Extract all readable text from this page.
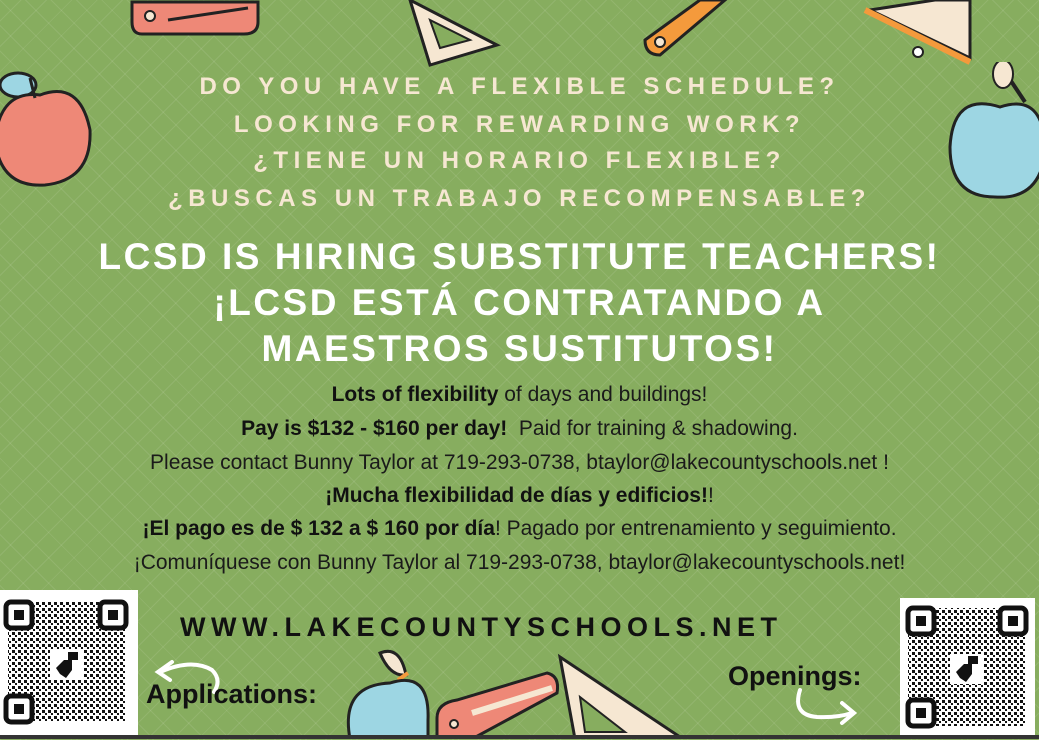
DO YOU HAVE A FLEXIBLE SCHEDULE?
LOOKING FOR REWARDING WORK?
¿TIENE UN HORARIO FLEXIBLE?
¿BUSCAS UN TRABAJO RECOMPENSABLE?
LCSD IS HIRING SUBSTITUTE TEACHERS!
¡LCSD ESTÁ CONTRATANDO A
MAESTROS SUSTITUTOS!
Lots of flexibility of days and buildings!
Pay is $132 - $160 per day!  Paid for training & shadowing.
Please contact Bunny Taylor at 719-293-0738, btaylor@lakecountyschools.net !
¡Mucha flexibilidad de días y edificios!!
¡El pago es de $ 132 a $ 160 por día! Pagado por entrenamiento y seguimiento.
¡Comuníquese con Bunny Taylor al 719-293-0738, btaylor@lakecountyschools.net!
WWW.LAKECOUNTYSCHOOLS.NET
Applications:
Openings:
